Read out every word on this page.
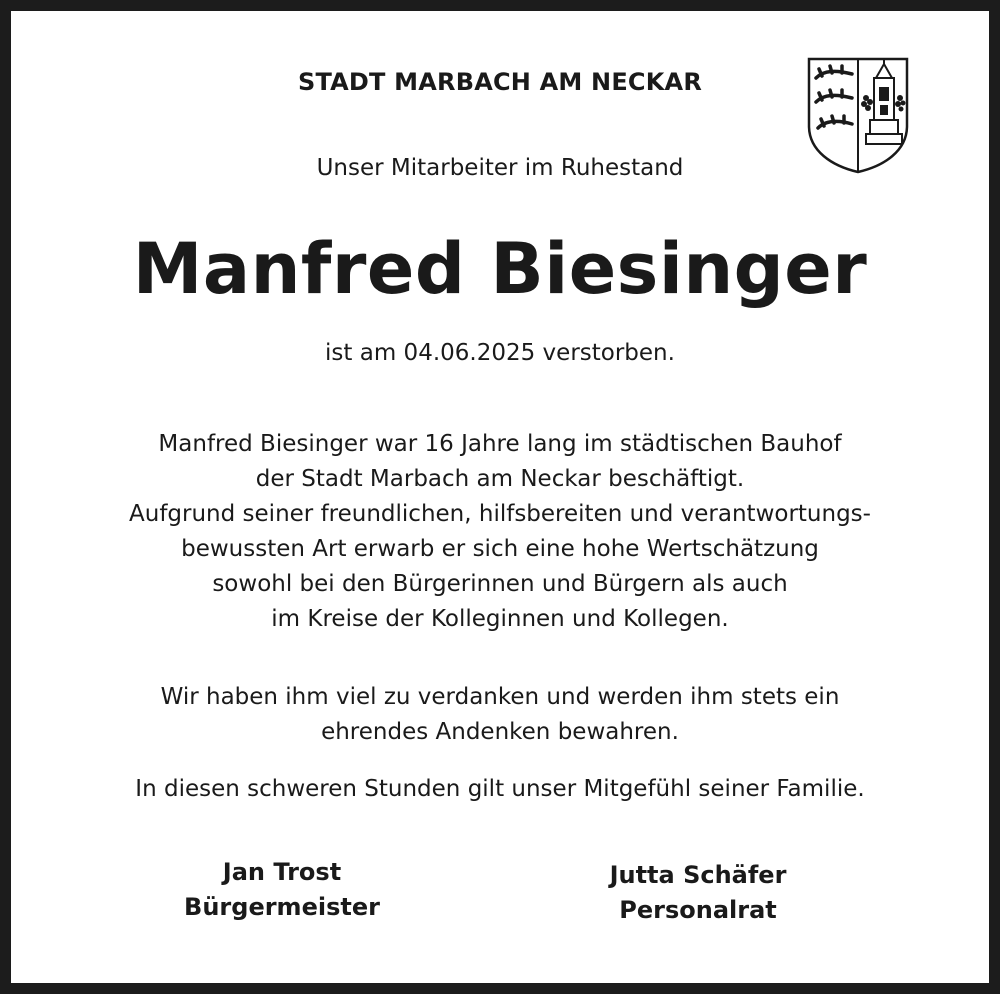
STADT MARBACH AM NECKAR
Unser Mitarbeiter im Ruhestand
Manfred Biesinger
ist am 04.06.2025 verstorben.
Manfred Biesinger war 16 Jahre lang im städtischen Bauhof
der Stadt Marbach am Neckar beschäftigt.
Aufgrund seiner freundlichen, hilfsbereiten und verantwortungs-
bewussten Art erwarb er sich eine hohe Wertschätzung
sowohl bei den Bürgerinnen und Bürgern als auch
im Kreise der Kolleginnen und Kollegen.
Wir haben ihm viel zu verdanken und werden ihm stets ein
ehrendes Andenken bewahren.
In diesen schweren Stunden gilt unser Mitgefühl seiner Familie.
Jan Trost
Bürgermeister
Jutta Schäfer
Personalrat
